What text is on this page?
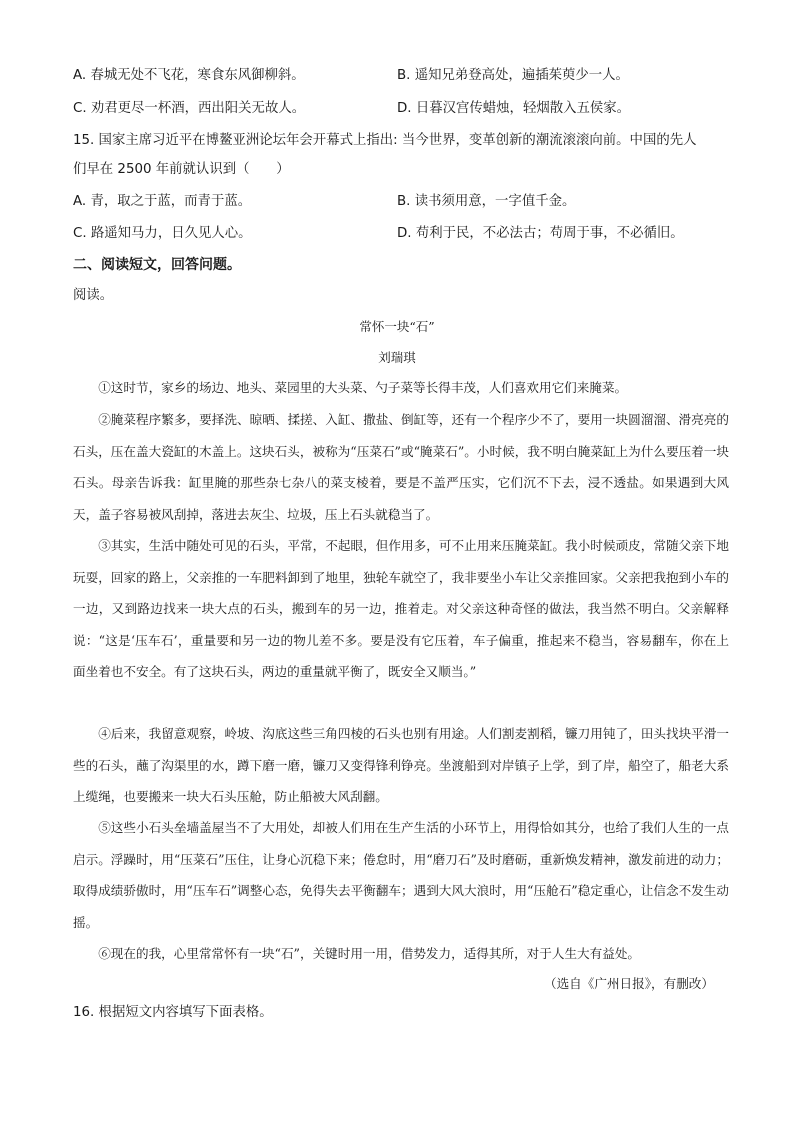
A. 春城无处不飞花，寒食东风御柳斜。	B. 遥知兄弟登高处，遍插茱萸少一人。
C. 劝君更尽一杯酒，西出阳关无故人。	D. 日暮汉宫传蜡烛，轻烟散入五侯家。
15. 国家主席习近平在博鳌亚洲论坛年会开幕式上指出: 当今世界，变革创新的潮流滚滚向前。中国的先人
们早在 2500 年前就认识到（　　）
A. 青，取之于蓝，而青于蓝。	B. 读书须用意，一字值千金。
C. 路遥知马力，日久见人心。	D. 苟利于民，不必法古；苟周于事，不必循旧。
二、阅读短文，回答问题。
阅读。
常怀一块“石”
刘瑞琪

①这时节，家乡的场边、地头、菜园里的大头菜、勺子菜等长得丰茂，人们喜欢用它们来腌菜。

②腌菜程序繁多，要择洗、晾晒、揉搓、入缸、撒盐、倒缸等，还有一个程序少不了，要用一块圆溜溜、滑亮亮的石头，压在盖大瓷缸的木盖上。这块石头，被称为“压菜石”或“腌菜石”。小时候，我不明白腌菜缸上为什么要压着一块石头。母亲告诉我：缸里腌的那些杂七杂八的菜支棱着，要是不盖严压实，它们沉不下去，浸不透盐。如果遇到大风天，盖子容易被风刮掉，落进去灰尘、垃圾，压上石头就稳当了。

③其实，生活中随处可见的石头，平常，不起眼，但作用多，可不止用来压腌菜缸。我小时候顽皮，常随父亲下地玩耍，回家的路上，父亲推的一车肥料卸到了地里，独轮车就空了，我非要坐小车让父亲推回家。父亲把我抱到小车的一边，又到路边找来一块大点的石头，搬到车的另一边，推着走。对父亲这种奇怪的做法，我当然不明白。父亲解释说：“这是‘压车石’，重量要和另一边的物儿差不多。要是没有它压着，车子偏重，推起来不稳当，容易翻车，你在上面坐着也不安全。有了这块石头，两边的重量就平衡了，既安全又顺当。”

④后来，我留意观察，岭坡、沟底这些三角四棱的石头也别有用途。人们割麦割稻，镰刀用钝了，田头找块平滑一些的石头，蘸了沟渠里的水，蹲下磨一磨，镰刀又变得锋利铮亮。坐渡船到对岸镇子上学，到了岸，船空了，船老大系上缆绳，也要搬来一块大石头压舱，防止船被大风刮翻。

⑤这些小石头垒墙盖屋当不了大用处，却被人们用在生产生活的小环节上，用得恰如其分，也给了我们人生的一点启示。浮躁时，用“压菜石”压住，让身心沉稳下来；倦怠时，用“磨刀石”及时磨砺，重新焕发精神，激发前进的动力；取得成绩骄傲时，用“压车石”调整心态，免得失去平衡翻车；遇到大风大浪时，用“压舱石”稳定重心，让信念不发生动摇。

⑥现在的我，心里常常怀有一块“石”，关键时用一用，借势发力，适得其所，对于人生大有益处。

（选自《广州日报》，有删改）
16. 根据短文内容填写下面表格。
